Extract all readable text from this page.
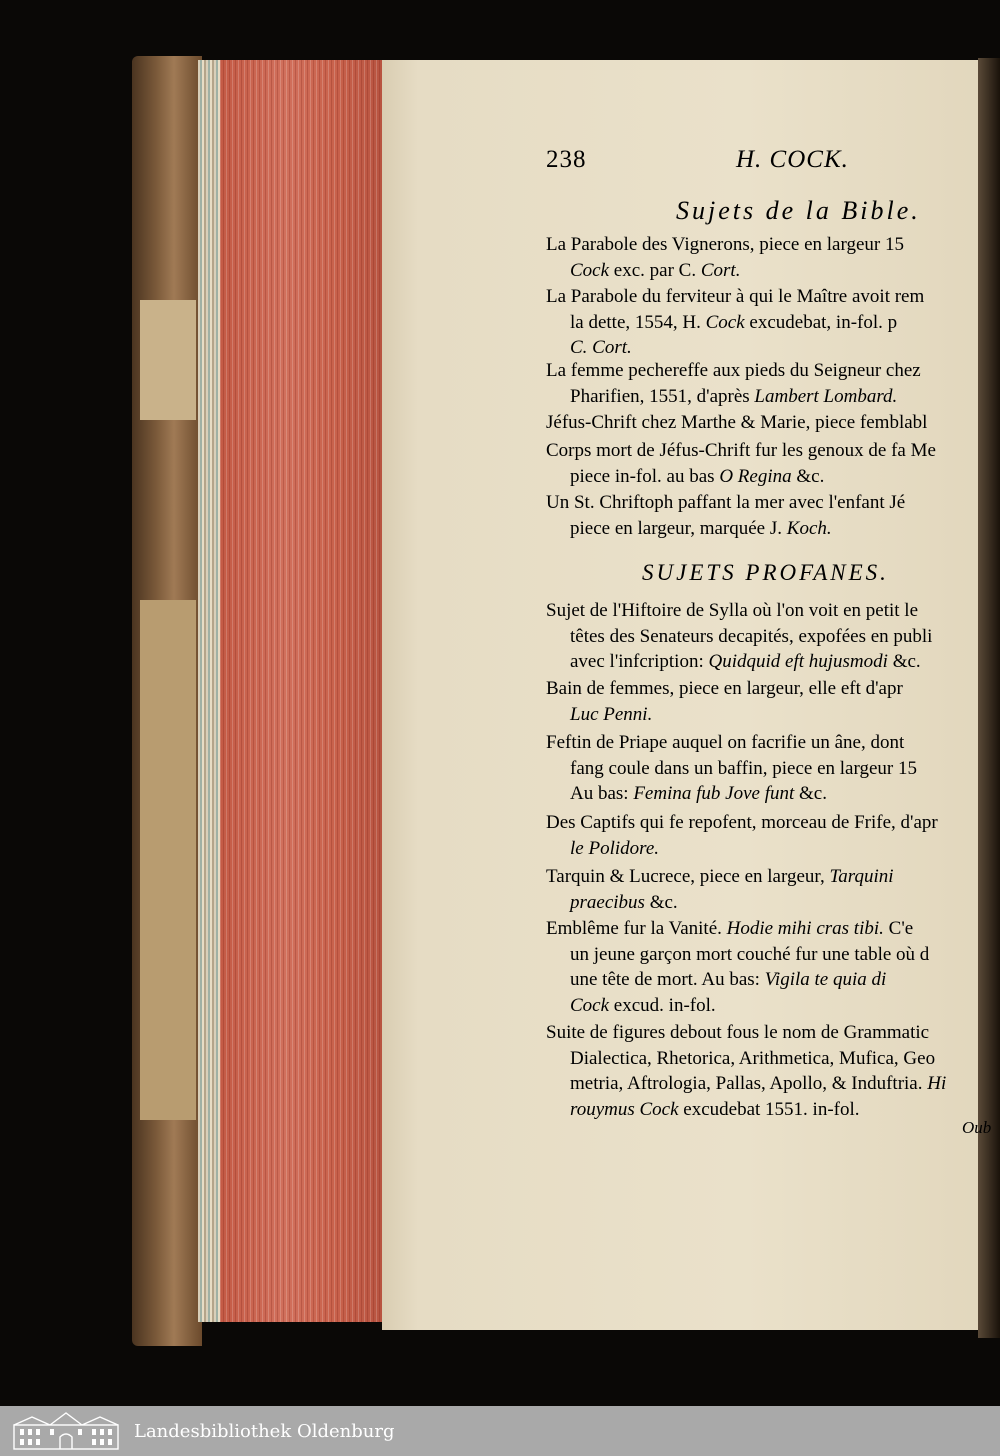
238	H. COCK.
Sujets de la Bible.
La Parabole des Vignerons, piece en largeur 15
Cock exc. par C. Cort.
La Parabole du ferviteur à qui le Maître avoit rem
la dette, 1554, H. Cock excudebat, in-fol. p
C. Cort.
La femme pechereffe aux pieds du Seigneur chez
Pharifien, 1551, d'après Lambert Lombard.
Jéfus-Chrift chez Marthe & Marie, piece femblabl
Corps mort de Jéfus-Chrift fur les genoux de fa Me
piece in-fol. au bas O Regina &c.
Un St. Chriftoph paffant la mer avec l'enfant Jé
piece en largeur, marquée J. Koch.
SUJETS PROFANES.
Sujet de l'Hiftoire de Sylla où l'on voit en petit le
têtes des Senateurs decapités, expofées en publi
avec l'infcription: Quidquid eft hujusmodi &c.
Bain de femmes, piece en largeur, elle eft d'apr
Luc Penni.
Feftin de Priape auquel on facrifie un âne, dont
fang coule dans un baffin, piece en largeur 15
Au bas: Femina fub Jove funt &c.
Des Captifs qui fe repofent, morceau de Frife, d'apr
le Polidore.
Tarquin & Lucrece, piece en largeur, Tarquini
praecibus &c.
Emblême fur la Vanité. Hodie mihi cras tibi. C'e
un jeune garçon mort couché fur une table où d
une tête de mort. Au bas: Vigila te quia di
Cock excud. in-fol.
Suite de figures debout fous le nom de Grammatic
Dialectica, Rhetorica, Arithmetica, Mufica, Geo
metria, Aftrologia, Pallas, Apollo, & Induftria. Hi
rouymus Cock excudebat 1551. in-fol.
Oub
Landesbibliothek Oldenburg
